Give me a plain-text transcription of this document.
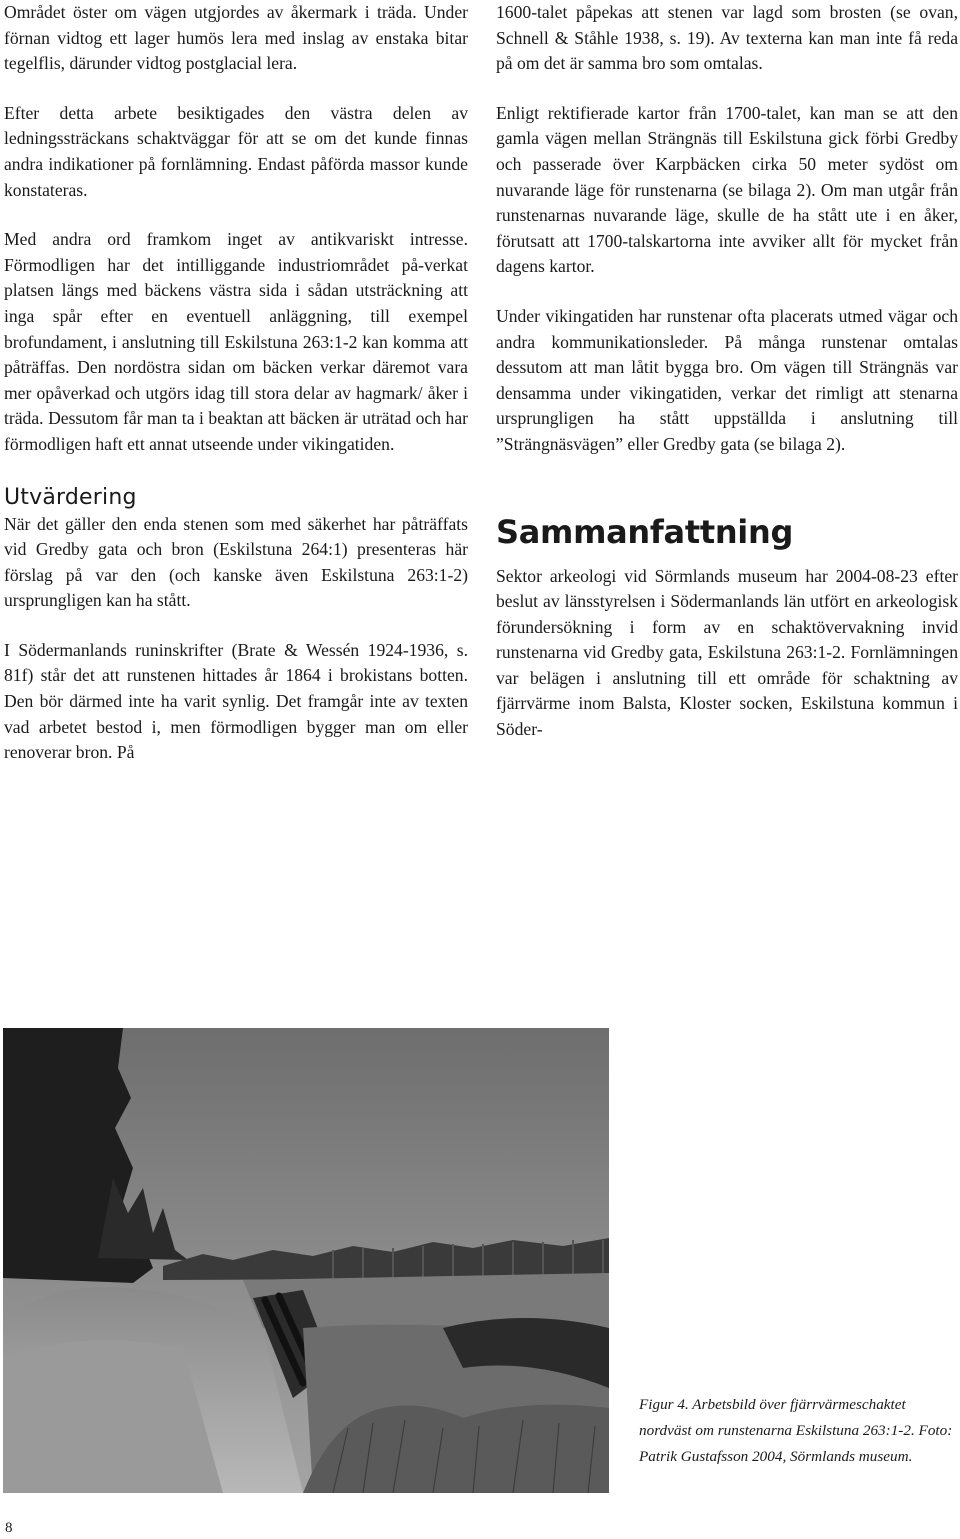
Området öster om vägen utgjordes av åkermark i träda. Under förnan vidtog ett lager humös lera med inslag av enstaka bitar tegelflis, därunder vidtog postglacial lera.

Efter detta arbete besiktigades den västra delen av ledningssträckans schaktväggar för att se om det kunde finnas andra indikationer på fornlämning. Endast påförda massor kunde konstateras.

Med andra ord framkom inget av antikvariskt intresse. Förmodligen har det intilliggande industriområdet på-verkat platsen längs med bäckens västra sida i sådan utsträckning att inga spår efter en eventuell anläggning, till exempel brofundament, i anslutning till Eskilstuna 263:1-2 kan komma att påträffas. Den nordöstra sidan om bäcken verkar däremot vara mer opåverkad och utgörs idag till stora delar av hagmark/ åker i träda. Dessutom får man ta i beaktan att bäcken är uträtad och har förmodligen haft ett annat utseende under vikingatiden.

Utvärdering

När det gäller den enda stenen som med säkerhet har påträffats vid Gredby gata och bron (Eskilstuna 264:1) presenteras här förslag på var den (och kanske även Eskilstuna 263:1-2) ursprungligen kan ha stått.

I Södermanlands runinskrifter (Brate & Wessén 1924-1936, s. 81f) står det att runstenen hittades år 1864 i brokistans botten. Den bör därmed inte ha varit synlig. Det framgår inte av texten vad arbetet bestod i, men förmodligen bygger man om eller renoverar bron. På

1600-talet påpekas att stenen var lagd som brosten (se ovan, Schnell & Ståhle 1938, s. 19). Av texterna kan man inte få reda på om det är samma bro som omtalas.

Enligt rektifierade kartor från 1700-talet, kan man se att den gamla vägen mellan Strängnäs till Eskilstuna gick förbi Gredby och passerade över Karpbäcken cirka 50 meter sydöst om nuvarande läge för runstenarna (se bilaga 2). Om man utgår från runstenarnas nuvarande läge, skulle de ha stått ute i en åker, förutsatt att 1700-talskartorna inte avviker allt för mycket från dagens kartor.

Under vikingatiden har runstenar ofta placerats utmed vägar och andra kommunikationsleder. På många runstenar omtalas dessutom att man låtit bygga bro. Om vägen till Strängnäs var densamma under vikingatiden, verkar det rimligt att stenarna ursprungligen ha stått uppställda i anslutning till ”Strängnäsvägen” eller Gredby gata (se bilaga 2).

Sammanfattning

Sektor arkeologi vid Sörmlands museum har 2004-08-23 efter beslut av länsstyrelsen i Södermanlands län utfört en arkeologisk förundersökning i form av en schaktövervakning invid runstenarna vid Gredby gata, Eskilstuna 263:1-2. Fornlämningen var belägen i anslutning till ett område för schaktning av fjärrvärme inom Balsta, Kloster socken, Eskilstuna kommun i Söder-

Figur 4. Arbetsbild över fjärrvärmeschaktet nordväst om runstenarna Eskilstuna 263:1-2. Foto: Patrik Gustafsson 2004, Sörmlands museum.
8
